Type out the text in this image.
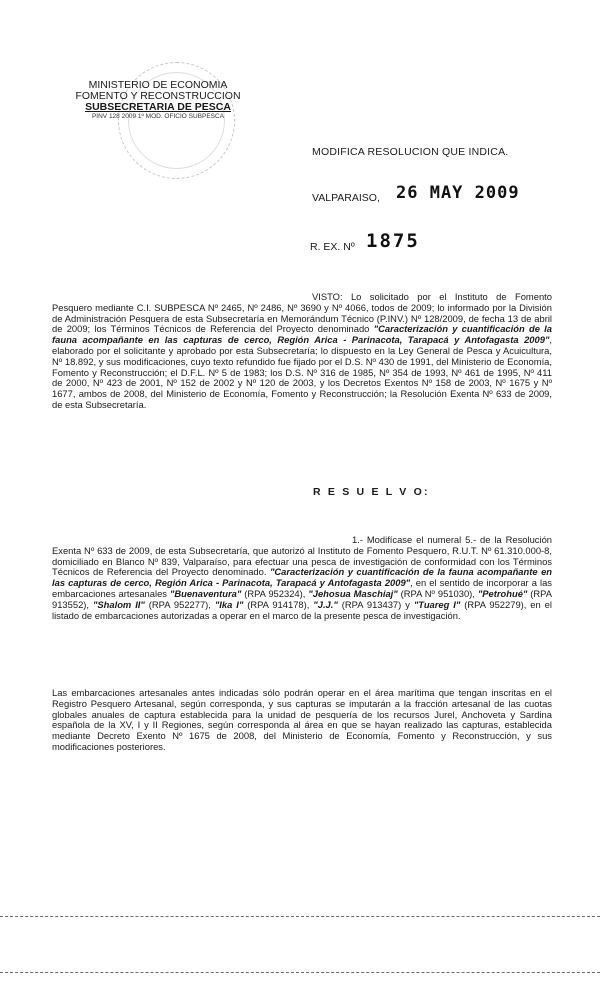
MINISTERIO DE ECONOMIA
FOMENTO Y RECONSTRUCCION
SUBSECRETARIA DE PESCA
PINV 128 2009 1º MOD. OFICIO SUBPESCA
MODIFICA RESOLUCION QUE INDICA.
VALPARAISO, 26 MAY 2009
R. EX. Nº 1875

VISTO: Lo solicitado por el Instituto de Fomento Pesquero mediante C.I. SUBPESCA Nº 2465, Nº 2486, Nº 3690 y Nº 4066, todos de 2009; lo informado por la División de Administración Pesquera de esta Subsecretaría en Memorándum Técnico (P.INV.) Nº 128/2009, de fecha 13 de abril de 2009; los Términos Técnicos de Referencia del Proyecto denominado "Caracterización y cuantificación de la fauna acompañante en las capturas de cerco, Región Arica - Parinacota, Tarapacá y Antofagasta 2009", elaborado por el solicitante y aprobado por esta Subsecretaría; lo dispuesto en la Ley General de Pesca y Acuicultura, Nº 18.892, y sus modificaciones, cuyo texto refundido fue fijado por el D.S. Nº 430 de 1991, del Ministerio de Economía, Fomento y Reconstrucción; el D.F.L. Nº 5 de 1983; los D.S. Nº 316 de 1985, Nº 354 de 1993, Nº 461 de 1995, Nº 411 de 2000, Nº 423 de 2001, Nº 152 de 2002 y Nº 120 de 2003, y los Decretos Exentos Nº 158 de 2003, Nº 1675 y Nº 1677, ambos de 2008, del Ministerio de Economía, Fomento y Reconstrucción; la Resolución Exenta Nº 633 de 2009, de esta Subsecretaría.

R E S U E L V O:

1.- Modifícase el numeral 5.- de la Resolución Exenta Nº 633 de 2009, de esta Subsecretaría, que autorizó al Instituto de Fomento Pesquero, R.U.T. Nº 61.310.000-8, domiciliado en Blanco Nº 839, Valparaíso, para efectuar una pesca de investigación de conformidad con los Términos Técnicos de Referencia del Proyecto denominado. "Caracterización y cuantificación de la fauna acompañante en las capturas de cerco, Región Arica - Parinacota, Tarapacá y Antofagasta 2009", en el sentido de incorporar a las embarcaciones artesanales "Buenaventura" (RPA 952324), "Jehosua Maschiaj" (RPA Nº 951030), "Petrohué" (RPA 913552), "Shalom II" (RPA 952277), "Ika I" (RPA 914178), "J.J." (RPA 913437) y "Tuareg I" (RPA 952279), en el listado de embarcaciones autorizadas a operar en el marco de la presente pesca de investigación.

Las embarcaciones artesanales antes indicadas sólo podrán operar en el área marítima que tengan inscritas en el Registro Pesquero Artesanal, según corresponda, y sus capturas se imputarán a la fracción artesanal de las cuotas globales anuales de captura establecida para la unidad de pesquería de los recursos Jurel, Anchoveta y Sardina española de la XV, I y II Regiones, según corresponda al área en que se hayan realizado las capturas, establecida mediante Decreto Exento Nº 1675 de 2008, del Ministerio de Economía, Fomento y Reconstrucción, y sus modificaciones posteriores.
